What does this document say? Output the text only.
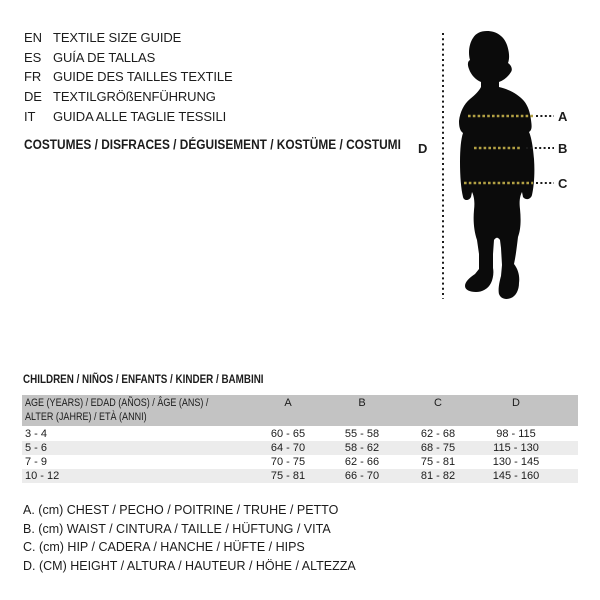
EN TEXTILE SIZE GUIDE
ES GUÍA DE TALLAS
FR GUIDE DES TAILLES TEXTILE
DE TEXTILGRÖßENFÜHRUNG
IT	GUIDA ALLE TAGLIE TESSILI
COSTUMES / DISFRACES / DÉGUISEMENT / KOSTÜME / COSTUMI
A
B
C
D
CHILDREN / NIÑOS / ENFANTS / KINDER / BAMBINI
AGE (YEARS) / EDAD (AÑOS) / ÂGE (ANS) /
ALTER (JAHRE) / ETÀ (ANNI)
A	B	C	D
3 - 4	60 - 65	55 - 58	62 - 68	98 - 115
5 - 6	64 - 70	58 - 62	68 - 75	115 - 130
7 - 9	70 - 75	62 - 66	75 - 81	130 - 145
10 - 12	75 - 81	66 - 70	81 - 82	145 - 160
A. (cm) CHEST / PECHO / POITRINE / TRUHE / PETTO
B. (cm) WAIST / CINTURA / TAILLE / HÜFTUNG / VITA
C. (cm) HIP / CADERA / HANCHE / HÜFTE / HIPS
D. (CM) HEIGHT / ALTURA / HAUTEUR / HÖHE / ALTEZZA
